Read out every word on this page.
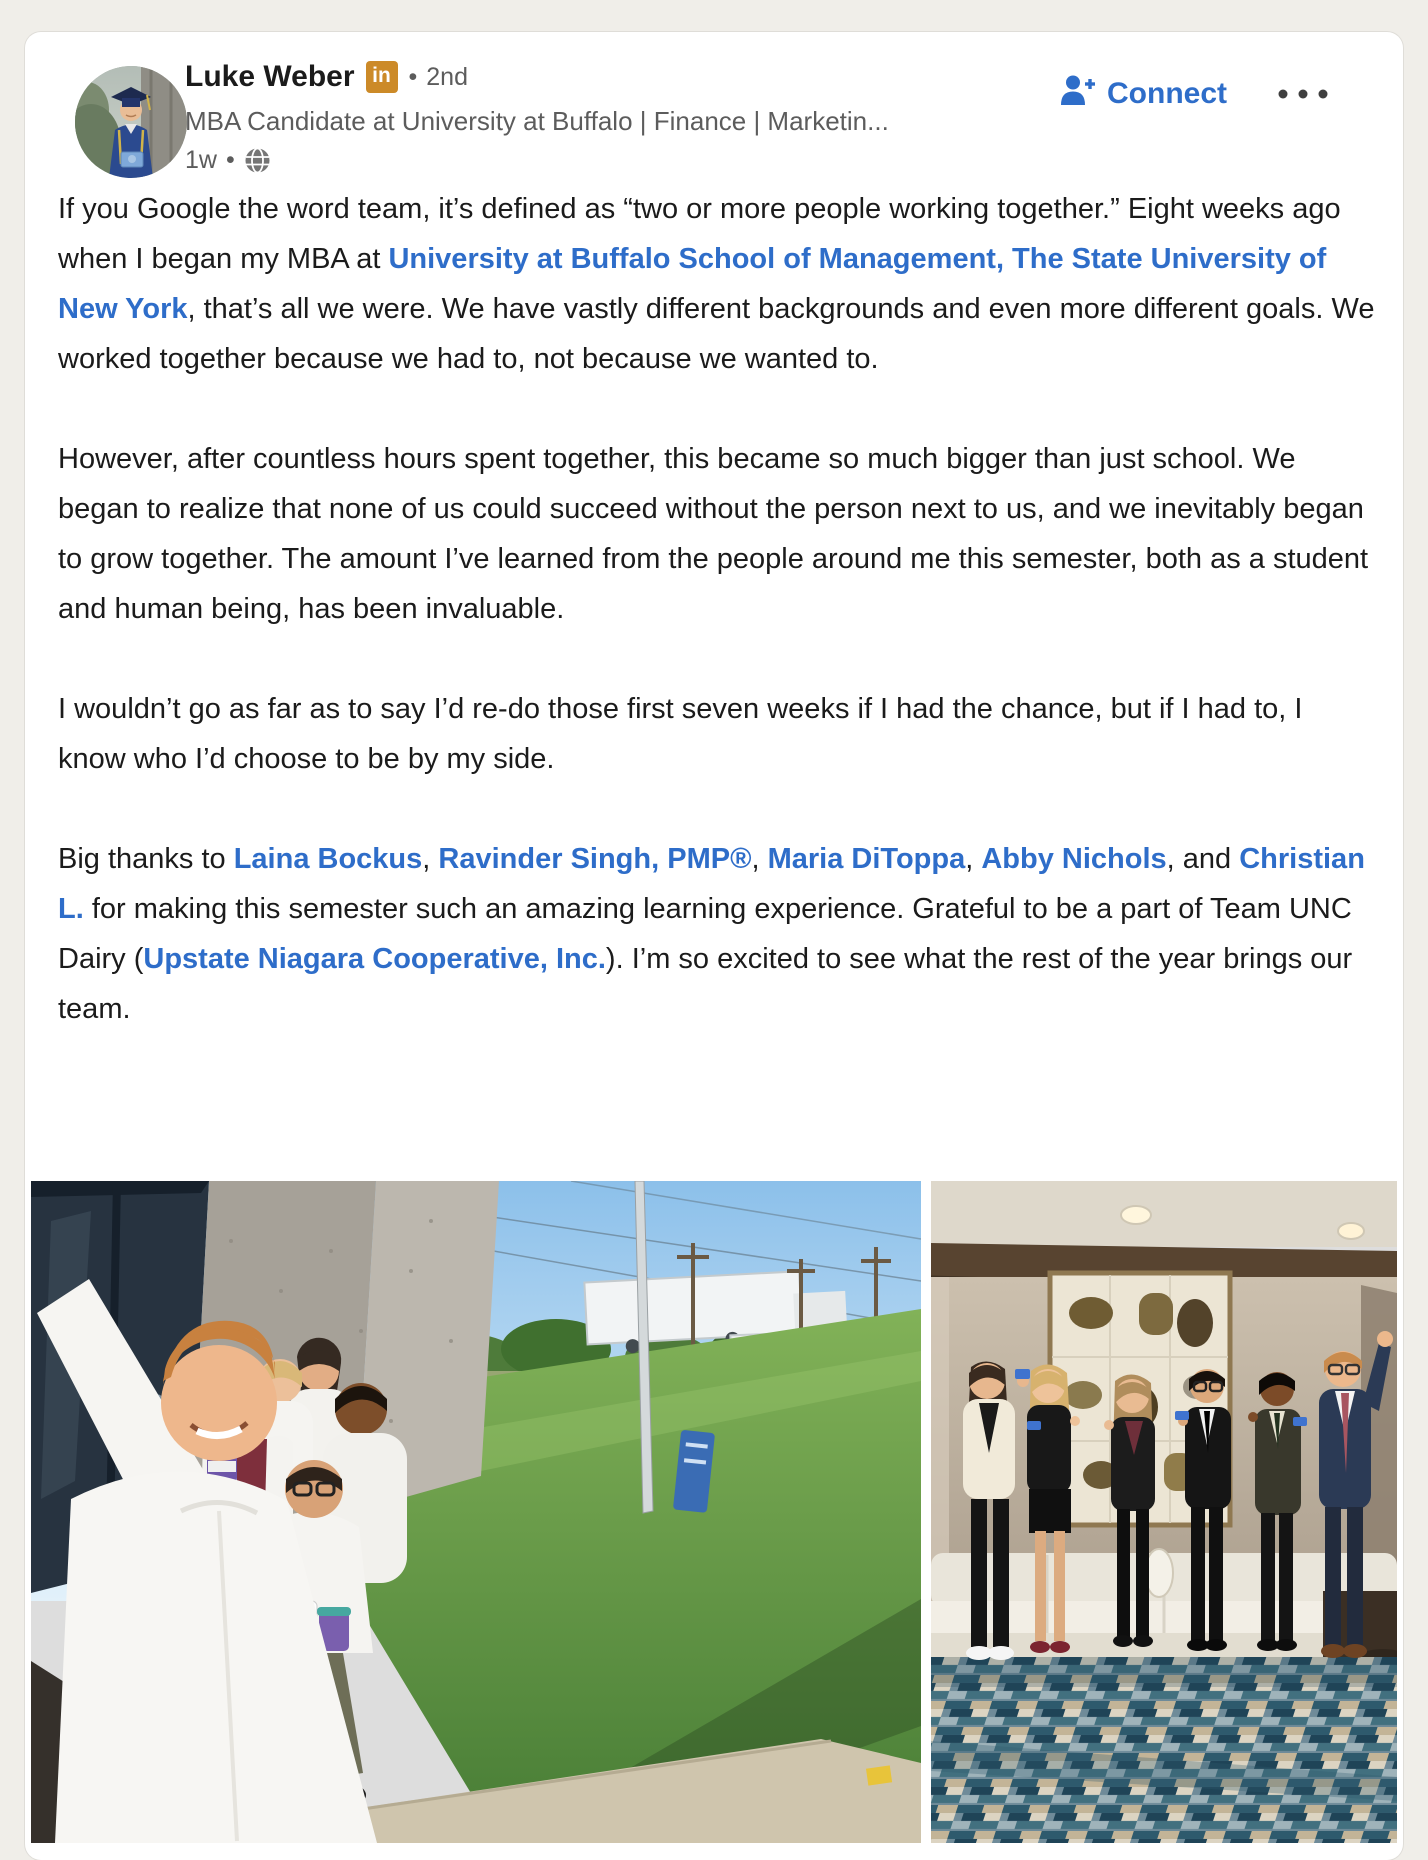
Luke Weber in • 2nd
MBA Candidate at University at Buffalo | Finance | Marketin...
1w •
Connect

If you Google the word team, it’s defined as “two or more people working together.” Eight weeks ago when I began my MBA at University at Buffalo School of Management, The State University of New York, that’s all we were. We have vastly different backgrounds and even more different goals. We worked together because we had to, not because we wanted to.

However, after countless hours spent together, this became so much bigger than just school. We began to realize that none of us could succeed without the person next to us, and we inevitably began to grow together. The amount I’ve learned from the people around me this semester, both as a student and human being, has been invaluable.

I wouldn’t go as far as to say I’d re-do those first seven weeks if I had the chance, but if I had to, I know who I’d choose to be by my side.

Big thanks to Laina Bockus, Ravinder Singh, PMP®, Maria DiToppa, Abby Nichols, and Christian L. for making this semester such an amazing learning experience. Grateful to be a part of Team UNC Dairy (Upstate Niagara Cooperative, Inc.). I’m so excited to see what the rest of the year brings our team.
